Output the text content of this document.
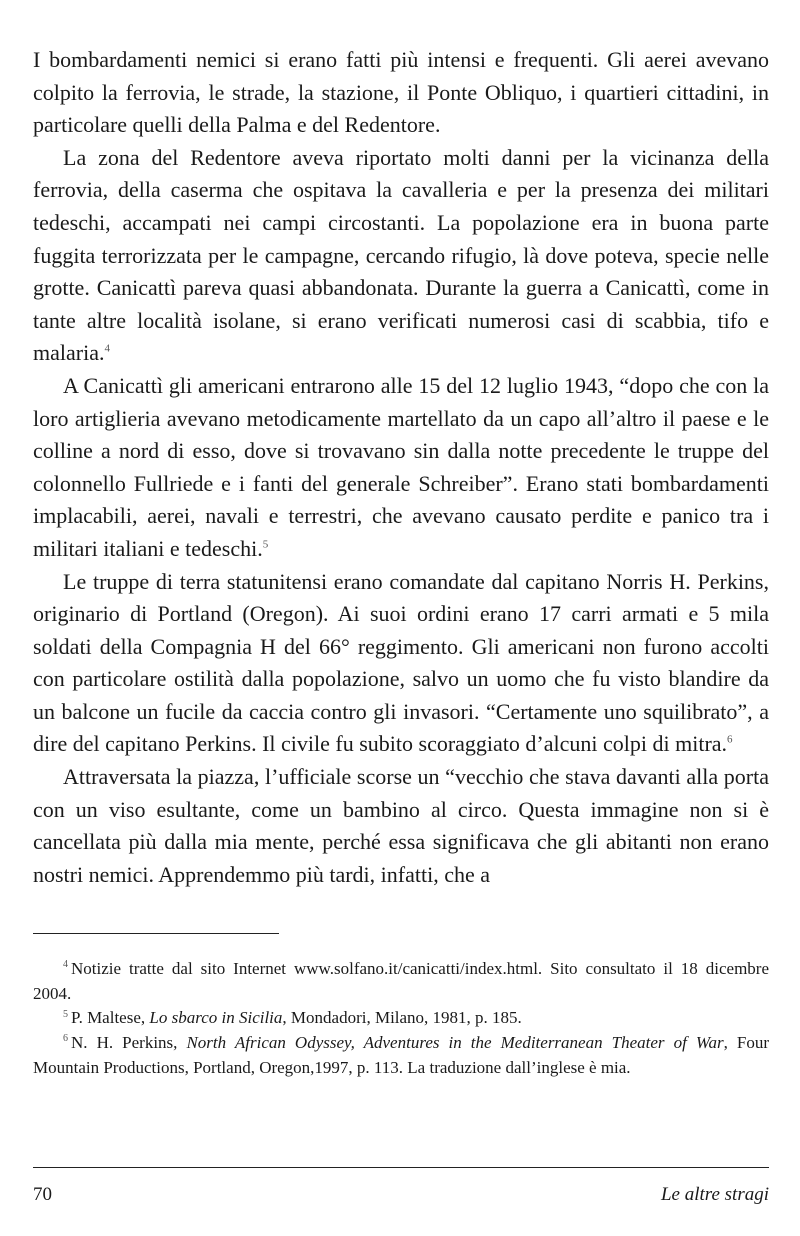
I bombardamenti nemici si erano fatti più intensi e frequenti. Gli aerei avevano colpito la ferrovia, le strade, la stazione, il Ponte Obliquo, i quartieri cittadini, in particolare quelli della Palma e del Redentore.

La zona del Redentore aveva riportato molti danni per la vicinanza della ferrovia, della caserma che ospitava la cavalleria e per la presenza dei militari tedeschi, accampati nei campi circostanti. La popolazione era in buona parte fuggita terrorizzata per le campagne, cercando rifugio, là dove poteva, specie nelle grotte. Canicattì pareva quasi abbandonata. Durante la guerra a Canicattì, come in tante altre località isolane, si erano verificati numerosi casi di scabbia, tifo e malaria.$^4$

A Canicattì gli americani entrarono alle 15 del 12 luglio 1943, “dopo che con la loro artiglieria avevano metodicamente martellato da un capo all’altro il paese e le colline a nord di esso, dove si trovavano sin dalla notte precedente le truppe del colonnello Fullriede e i fanti del generale Schreiber”. Erano stati bombardamenti implacabili, aerei, navali e terrestri, che avevano causato perdite e panico tra i militari italiani e tedeschi.$^5$

Le truppe di terra statunitensi erano comandate dal capitano Norris H. Perkins, originario di Portland (Oregon). Ai suoi ordini erano 17 carri armati e 5 mila soldati della Compagnia H del 66° reggimento. Gli americani non furono accolti con particolare ostilità dalla popolazione, salvo un uomo che fu visto blandire da un balcone un fucile da caccia contro gli invasori. “Certamente uno squilibrato”, a dire del capitano Perkins. Il civile fu subito scoraggiato d’alcuni colpi di mitra.$^6$

Attraversata la piazza, l’ufficiale scorse un “vecchio che stava davanti alla porta con un viso esultante, come un bambino al circo. Questa immagine non si è cancellata più dalla mia mente, perché essa significava che gli abitanti non erano nostri nemici. Apprendemmo più tardi, infatti, che a

$^4$ Notizie tratte dal sito Internet www.solfano.it/canicatti/index.html. Sito consultato il 18 dicembre 2004.

$^5$ P. Maltese, Lo sbarco in Sicilia, Mondadori, Milano, 1981, p. 185.

$^6$ N. H. Perkins, North African Odyssey, Adventures in the Mediterranean Theater of War, Four Mountain Productions, Portland, Oregon,1997, p. 113. La traduzione dall’inglese è mia.

70	Le altre stragi
